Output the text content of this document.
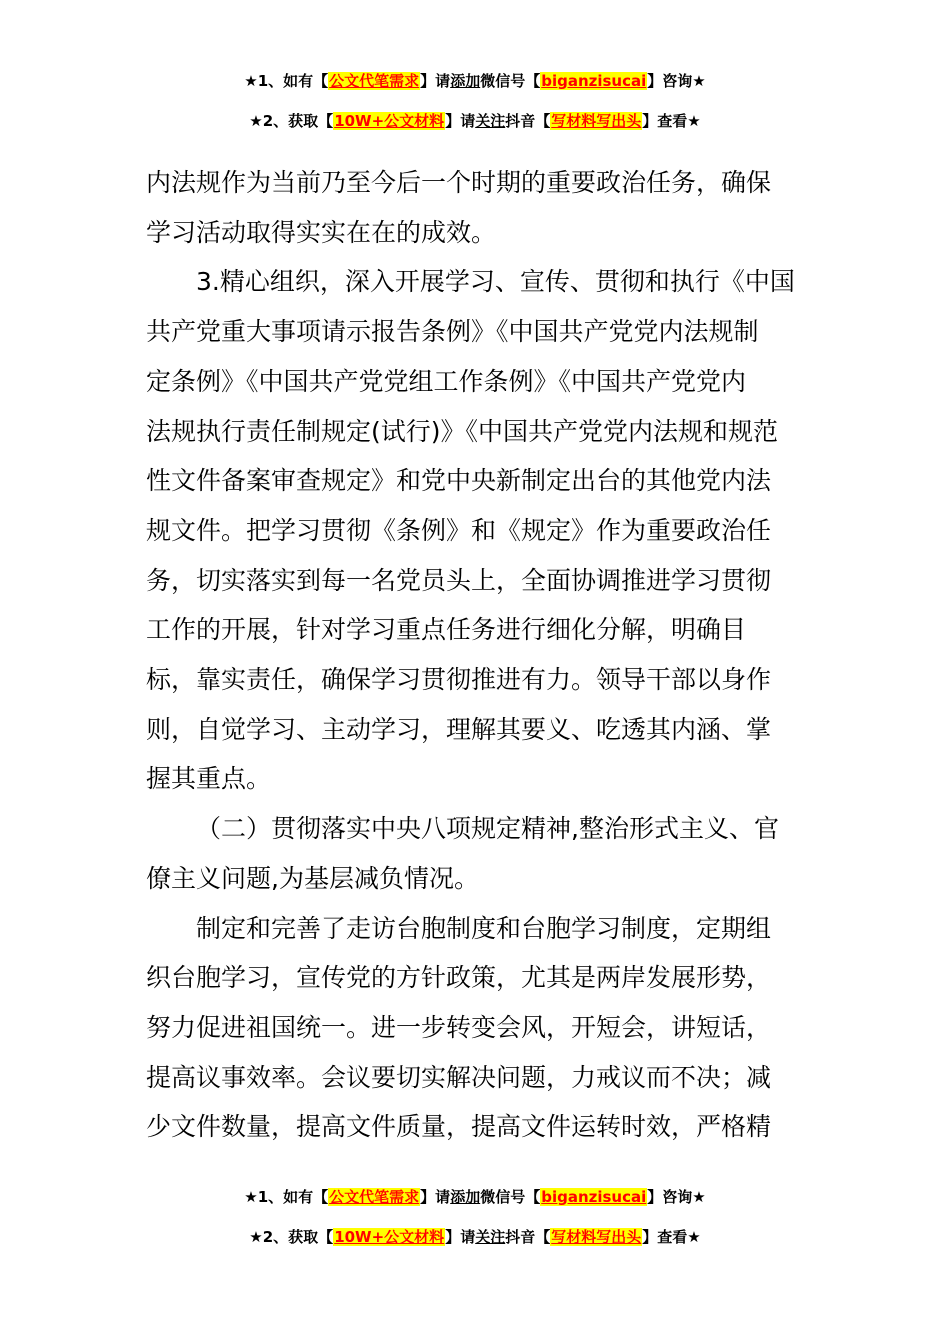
★1、如有【公文代笔需求】请添加微信号【biganzisucai】咨询★
★2、获取【10W+公文材料】请关注抖音【写材料写出头】查看★

内法规作为当前乃至今后一个时期的重要政治任务，确保

学习活动取得实实在在的成效。

3.精心组织，深入开展学习、宣传、贯彻和执行《中国

共产党重大事项请示报告条例》《中国共产党党内法规制

定条例》《中国共产党党组工作条例》《中国共产党党内

法规执行责任制规定(试行)》《中国共产党党内法规和规范

性文件备案审查规定》和党中央新制定出台的其他党内法

规文件。把学习贯彻《条例》和《规定》作为重要政治任

务，切实落实到每一名党员头上，全面协调推进学习贯彻

工作的开展，针对学习重点任务进行细化分解，明确目

标，靠实责任，确保学习贯彻推进有力。领导干部以身作

则，自觉学习、主动学习，理解其要义、吃透其内涵、掌

握其重点。

（二）贯彻落实中央八项规定精神,整治形式主义、官

僚主义问题,为基层减负情况。

制定和完善了走访台胞制度和台胞学习制度，定期组

织台胞学习，宣传党的方针政策，尤其是两岸发展形势，

努力促进祖国统一。进一步转变会风，开短会，讲短话，

提高议事效率。会议要切实解决问题，力戒议而不决；减

少文件数量，提高文件质量，提高文件运转时效，严格精

★1、如有【公文代笔需求】请添加微信号【biganzisucai】咨询★
★2、获取【10W+公文材料】请关注抖音【写材料写出头】查看★
